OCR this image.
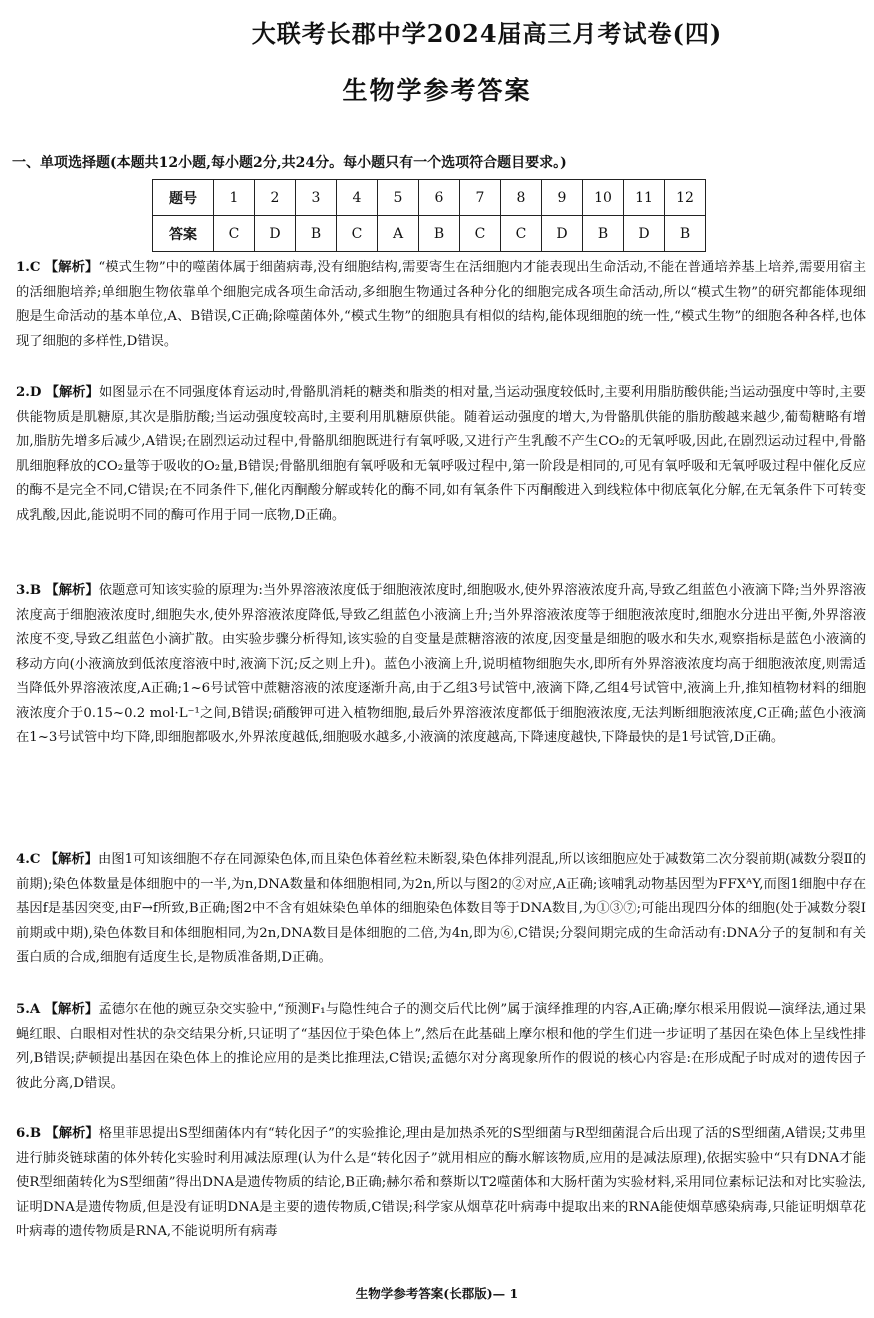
大联考长郡中学2024届高三月考试卷(四)
生物学参考答案
一、单项选择题(本题共12小题,每小题2分,共24分。每小题只有一个选项符合题目要求。)
题号	1	2	3	4	5	6	7	8	9	10	11	12
答案	C	D	B	C	A	B	C	C	D	B	D	B
1.C 【解析】“模式生物”中的噬菌体属于细菌病毒,没有细胞结构,需要寄生在活细胞内才能表现出生命活动,不能在普通培养基上培养,需要用宿主的活细胞培养;单细胞生物依靠单个细胞完成各项生命活动,多细胞生物通过各种分化的细胞完成各项生命活动,所以“模式生物”的研究都能体现细胞是生命活动的基本单位,A、B错误,C正确;除噬菌体外,“模式生物”的细胞具有相似的结构,能体现细胞的统一性,“模式生物”的细胞各种各样,也体现了细胞的多样性,D错误。
2.D 【解析】如图显示在不同强度体育运动时,骨骼肌消耗的糖类和脂类的相对量,当运动强度较低时,主要利用脂肪酸供能;当运动强度中等时,主要供能物质是肌糖原,其次是脂肪酸;当运动强度较高时,主要利用肌糖原供能。随着运动强度的增大,为骨骼肌供能的脂肪酸越来越少,葡萄糖略有增加,脂肪先增多后减少,A错误;在剧烈运动过程中,骨骼肌细胞既进行有氧呼吸,又进行产生乳酸不产生CO₂的无氧呼吸,因此,在剧烈运动过程中,骨骼肌细胞释放的CO₂量等于吸收的O₂量,B错误;骨骼肌细胞有氧呼吸和无氧呼吸过程中,第一阶段是相同的,可见有氧呼吸和无氧呼吸过程中催化反应的酶不是完全不同,C错误;在不同条件下,催化丙酮酸分解或转化的酶不同,如有氧条件下丙酮酸进入到线粒体中彻底氧化分解,在无氧条件下可转变成乳酸,因此,能说明不同的酶可作用于同一底物,D正确。
3.B 【解析】依题意可知该实验的原理为:当外界溶液浓度低于细胞液浓度时,细胞吸水,使外界溶液浓度升高,导致乙组蓝色小液滴下降;当外界溶液浓度高于细胞液浓度时,细胞失水,使外界溶液浓度降低,导致乙组蓝色小液滴上升;当外界溶液浓度等于细胞液浓度时,细胞水分进出平衡,外界溶液浓度不变,导致乙组蓝色小滴扩散。由实验步骤分析得知,该实验的自变量是蔗糖溶液的浓度,因变量是细胞的吸水和失水,观察指标是蓝色小液滴的移动方向(小液滴放到低浓度溶液中时,液滴下沉;反之则上升)。蓝色小液滴上升,说明植物细胞失水,即所有外界溶液浓度均高于细胞液浓度,则需适当降低外界溶液浓度,A正确;1~6号试管中蔗糖溶液的浓度逐渐升高,由于乙组3号试管中,液滴下降,乙组4号试管中,液滴上升,推知植物材料的细胞液浓度介于0.15~0.2 mol·L⁻¹之间,B错误;硝酸钾可进入植物细胞,最后外界溶液浓度都低于细胞液浓度,无法判断细胞液浓度,C正确;蓝色小液滴在1~3号试管中均下降,即细胞都吸水,外界浓度越低,细胞吸水越多,小液滴的浓度越高,下降速度越快,下降最快的是1号试管,D正确。
4.C 【解析】由图1可知该细胞不存在同源染色体,而且染色体着丝粒未断裂,染色体排列混乱,所以该细胞应处于减数第二次分裂前期(减数分裂Ⅱ的前期);染色体数量是体细胞中的一半,为n,DNA数量和体细胞相同,为2n,所以与图2的②对应,A正确;该哺乳动物基因型为FFXᴬY,而图1细胞中存在基因f是基因突变,由F→f所致,B正确;图2中不含有姐妹染色单体的细胞染色体数目等于DNA数目,为①③⑦;可能出现四分体的细胞(处于减数分裂Ⅰ前期或中期),染色体数目和体细胞相同,为2n,DNA数目是体细胞的二倍,为4n,即为⑥,C错误;分裂间期完成的生命活动有:DNA分子的复制和有关蛋白质的合成,细胞有适度生长,是物质准备期,D正确。
5.A 【解析】孟德尔在他的豌豆杂交实验中,“预测F₁与隐性纯合子的测交后代比例”属于演绎推理的内容,A正确;摩尔根采用假说—演绎法,通过果蝇红眼、白眼相对性状的杂交结果分析,只证明了“基因位于染色体上”,然后在此基础上摩尔根和他的学生们进一步证明了基因在染色体上呈线性排列,B错误;萨顿提出基因在染色体上的推论应用的是类比推理法,C错误;孟德尔对分离现象所作的假说的核心内容是:在形成配子时成对的遗传因子彼此分离,D错误。
6.B 【解析】格里菲思提出S型细菌体内有“转化因子”的实验推论,理由是加热杀死的S型细菌与R型细菌混合后出现了活的S型细菌,A错误;艾弗里进行肺炎链球菌的体外转化实验时利用减法原理(认为什么是“转化因子”就用相应的酶水解该物质,应用的是减法原理),依据实验中“只有DNA才能使R型细菌转化为S型细菌”得出DNA是遗传物质的结论,B正确;赫尔希和蔡斯以T2噬菌体和大肠杆菌为实验材料,采用同位素标记法和对比实验法,证明DNA是遗传物质,但是没有证明DNA是主要的遗传物质,C错误;科学家从烟草花叶病毒中提取出来的RNA能使烟草感染病毒,只能证明烟草花叶病毒的遗传物质是RNA,不能说明所有病毒
生物学参考答案(长郡版)— 1
